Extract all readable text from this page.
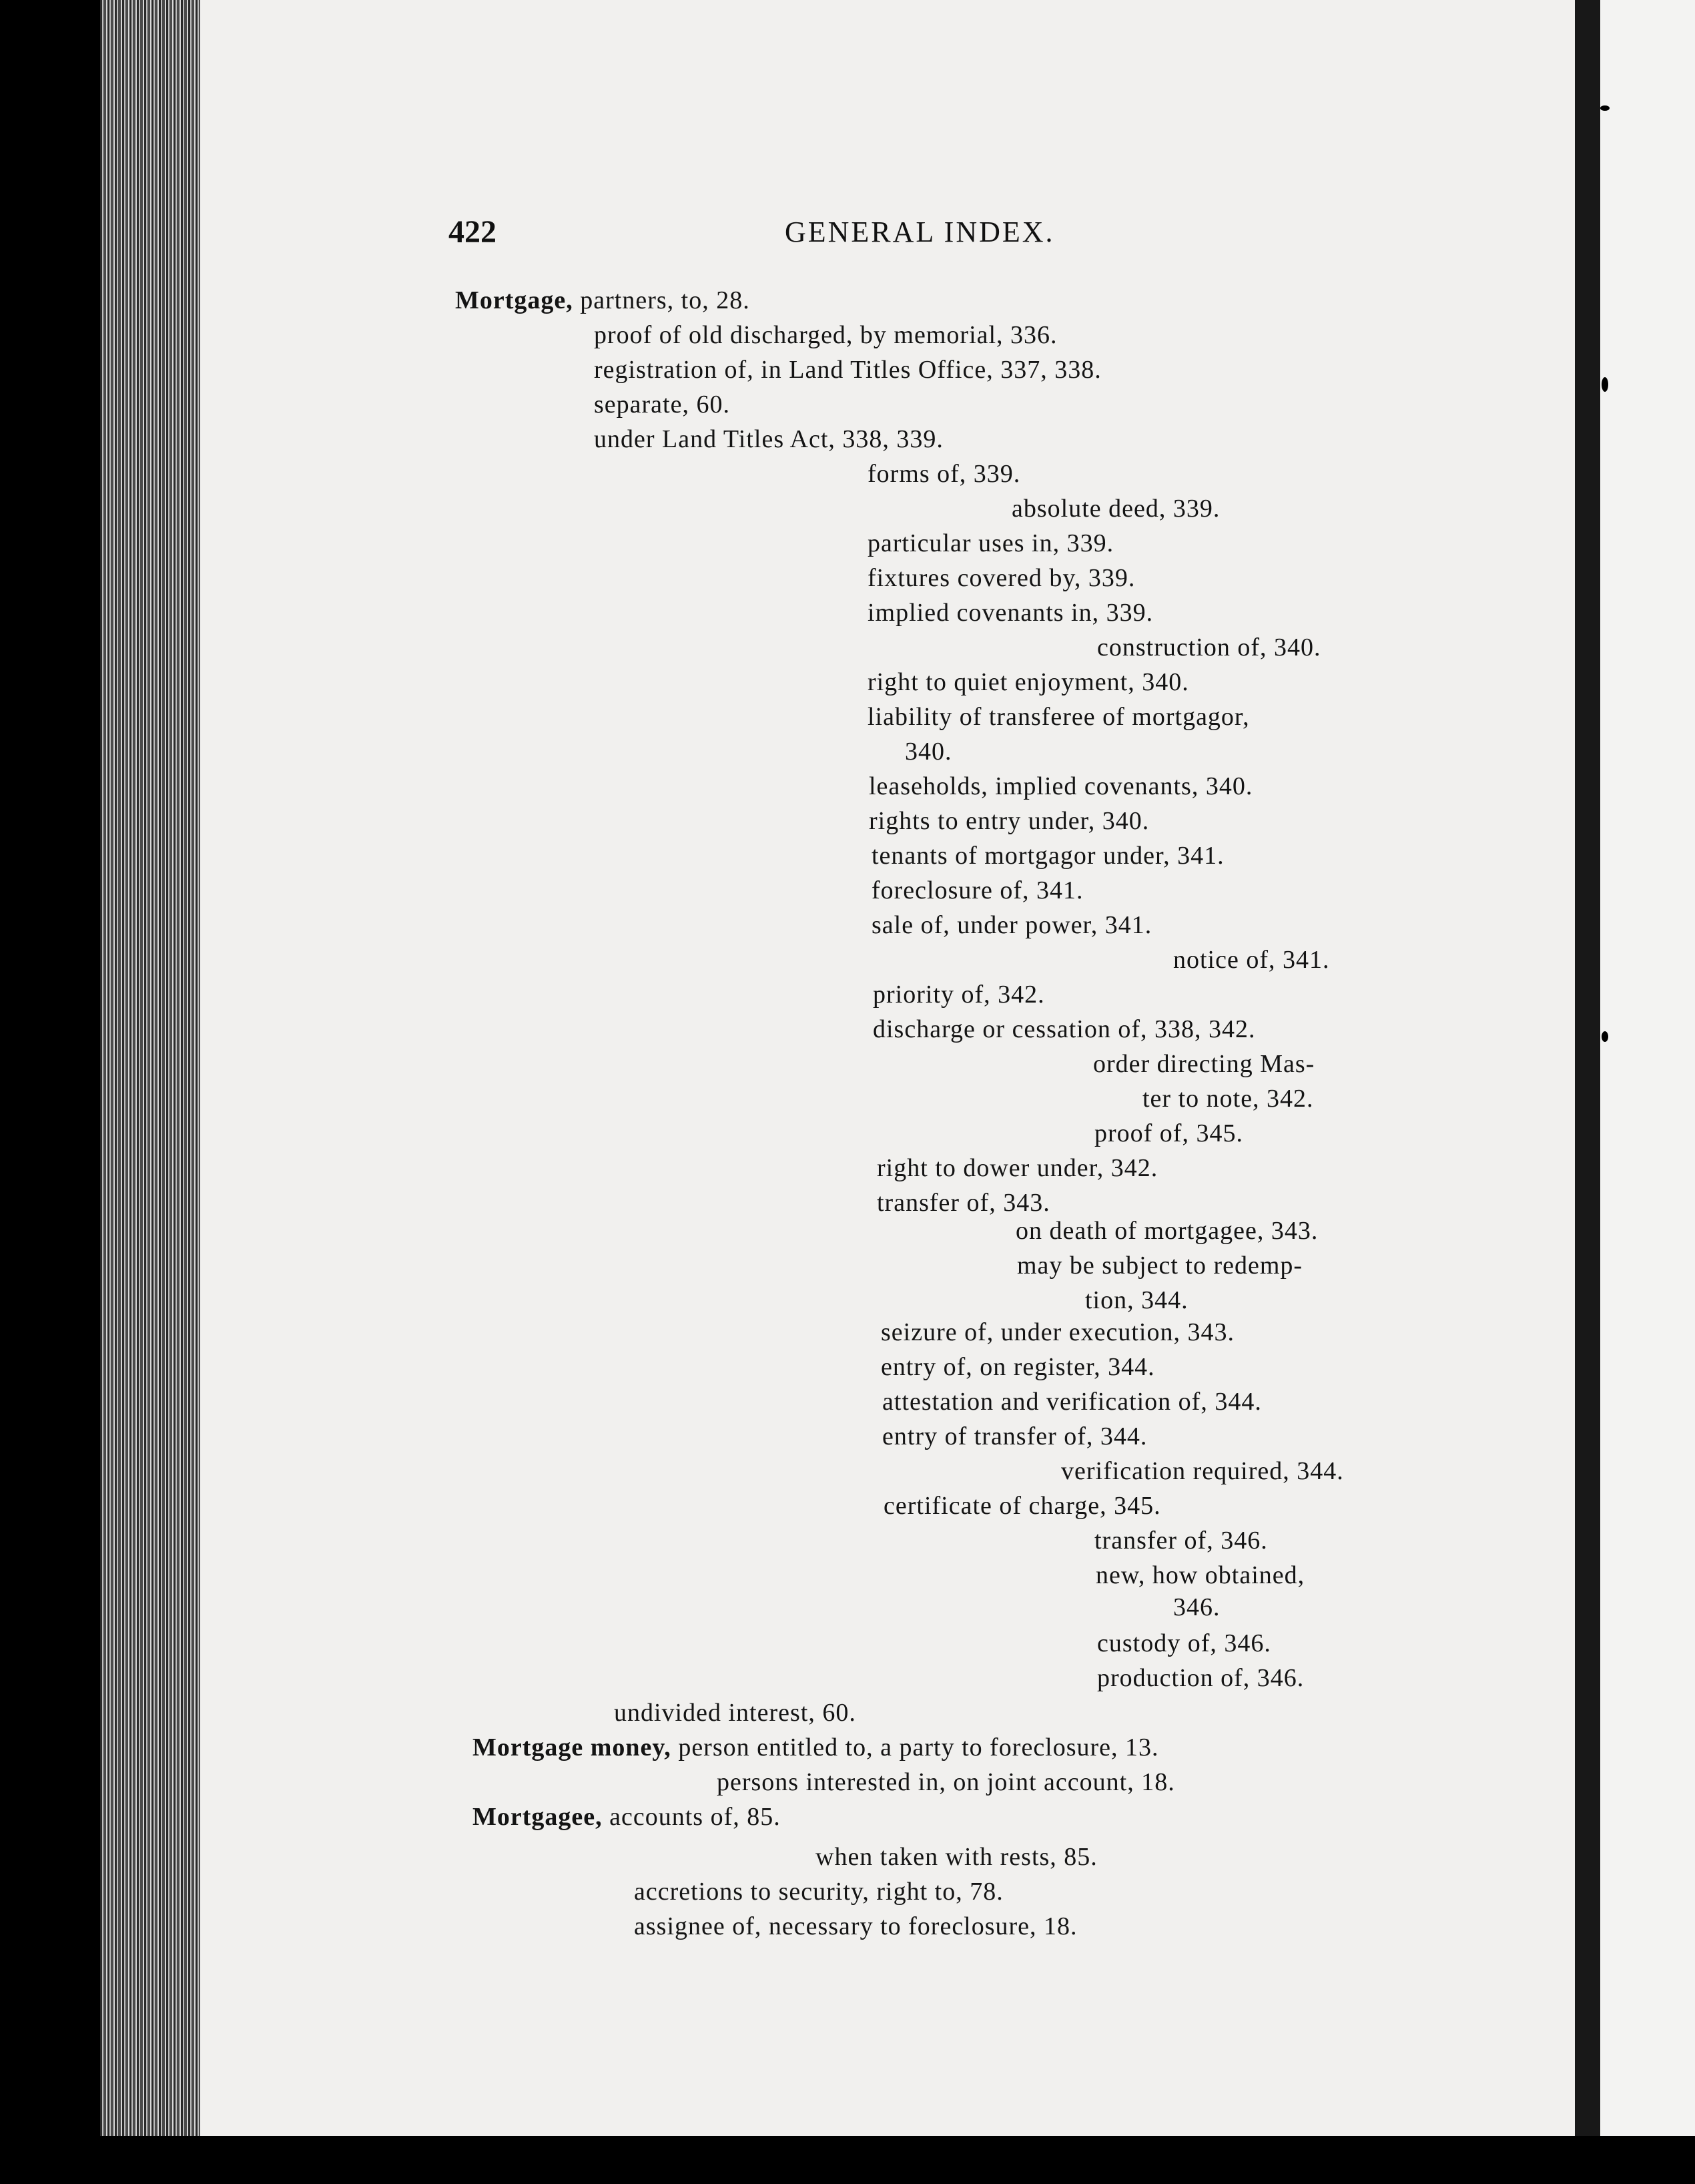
422	GENERAL INDEX.
Mortgage, partners, to, 28.
proof of old discharged, by memorial, 336.
registration of, in Land Titles Office, 337, 338.
separate, 60.
under Land Titles Act, 338, 339.
forms of, 339.
absolute deed, 339.
particular uses in, 339.
fixtures covered by, 339.
implied covenants in, 339.
construction of, 340.
right to quiet enjoyment, 340.
liability of transferee of mortgagor,
340.
leaseholds, implied covenants, 340.
rights to entry under, 340.
tenants of mortgagor under, 341.
foreclosure of, 341.
sale of, under power, 341.
notice of, 341.
priority of, 342.
discharge or cessation of, 338, 342.
order directing Mas-
ter to note, 342.
proof of, 345.
right to dower under, 342.
transfer of, 343.
on death of mortgagee, 343.
may be subject to redemp-
tion, 344.
seizure of, under execution, 343.
entry of, on register, 344.
attestation and verification of, 344.
entry of transfer of, 344.
verification required, 344.
certificate of charge, 345.
transfer of, 346.
new, how obtained,
346.
custody of, 346.
production of, 346.
undivided interest, 60.
Mortgage money, person entitled to, a party to foreclosure, 13.
persons interested in, on joint account, 18.
Mortgagee, accounts of, 85.
when taken with rests, 85.
accretions to security, right to, 78.
assignee of, necessary to foreclosure, 18.
